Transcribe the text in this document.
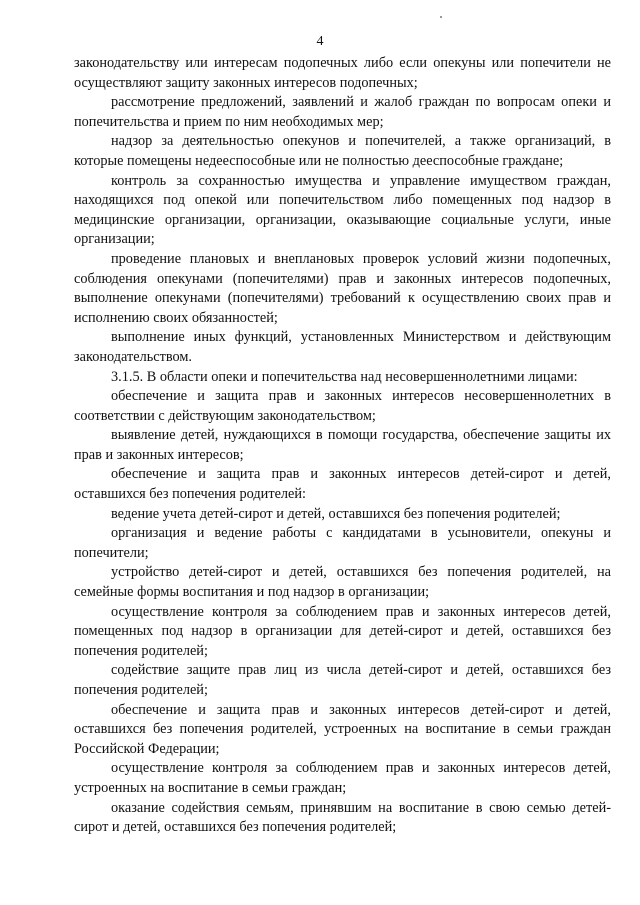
4

законодательству или интересам подопечных либо если опекуны или попечители не осуществляют защиту законных интересов подопечных;

рассмотрение предложений, заявлений и жалоб граждан по вопросам опеки и попечительства и прием по ним необходимых мер;

надзор за деятельностью опекунов и попечителей, а также организаций, в которые помещены недееспособные или не полностью дееспособные граждане;

контроль за сохранностью имущества и управление имуществом граждан, находящихся под опекой или попечительством либо помещенных под надзор в медицинские организации, организации, оказывающие социальные услуги, иные организации;

проведение плановых и внеплановых проверок условий жизни подопечных, соблюдения опекунами (попечителями) прав и законных интересов подопечных, выполнение опекунами (попечителями) требований к осуществлению своих прав и исполнению своих обязанностей;

выполнение иных функций, установленных Министерством и действующим законодательством.

3.1.5. В области опеки и попечительства над несовершеннолетними лицами:

обеспечение и защита прав и законных интересов несовершеннолетних в соответствии с действующим законодательством;

выявление детей, нуждающихся в помощи государства, обеспечение защиты их прав и законных интересов;

обеспечение и защита прав и законных интересов детей-сирот и детей, оставшихся без попечения родителей:

ведение учета детей-сирот и детей, оставшихся без попечения родителей;

организация и ведение работы с кандидатами в усыновители, опекуны и попечители;

устройство детей-сирот и детей, оставшихся без попечения родителей, на семейные формы воспитания и под надзор в организации;

осуществление контроля за соблюдением прав и законных интересов детей, помещенных под надзор в организации для детей-сирот и детей, оставшихся без попечения родителей;

содействие защите прав лиц из числа детей-сирот и детей, оставшихся без попечения родителей;

обеспечение и защита прав и законных интересов детей-сирот и детей, оставшихся без попечения родителей, устроенных на воспитание в семьи граждан Российской Федерации;

осуществление контроля за соблюдением прав и законных интересов детей, устроенных на воспитание в семьи граждан;

оказание содействия семьям, принявшим на воспитание в свою семью детей-сирот и детей, оставшихся без попечения родителей;
